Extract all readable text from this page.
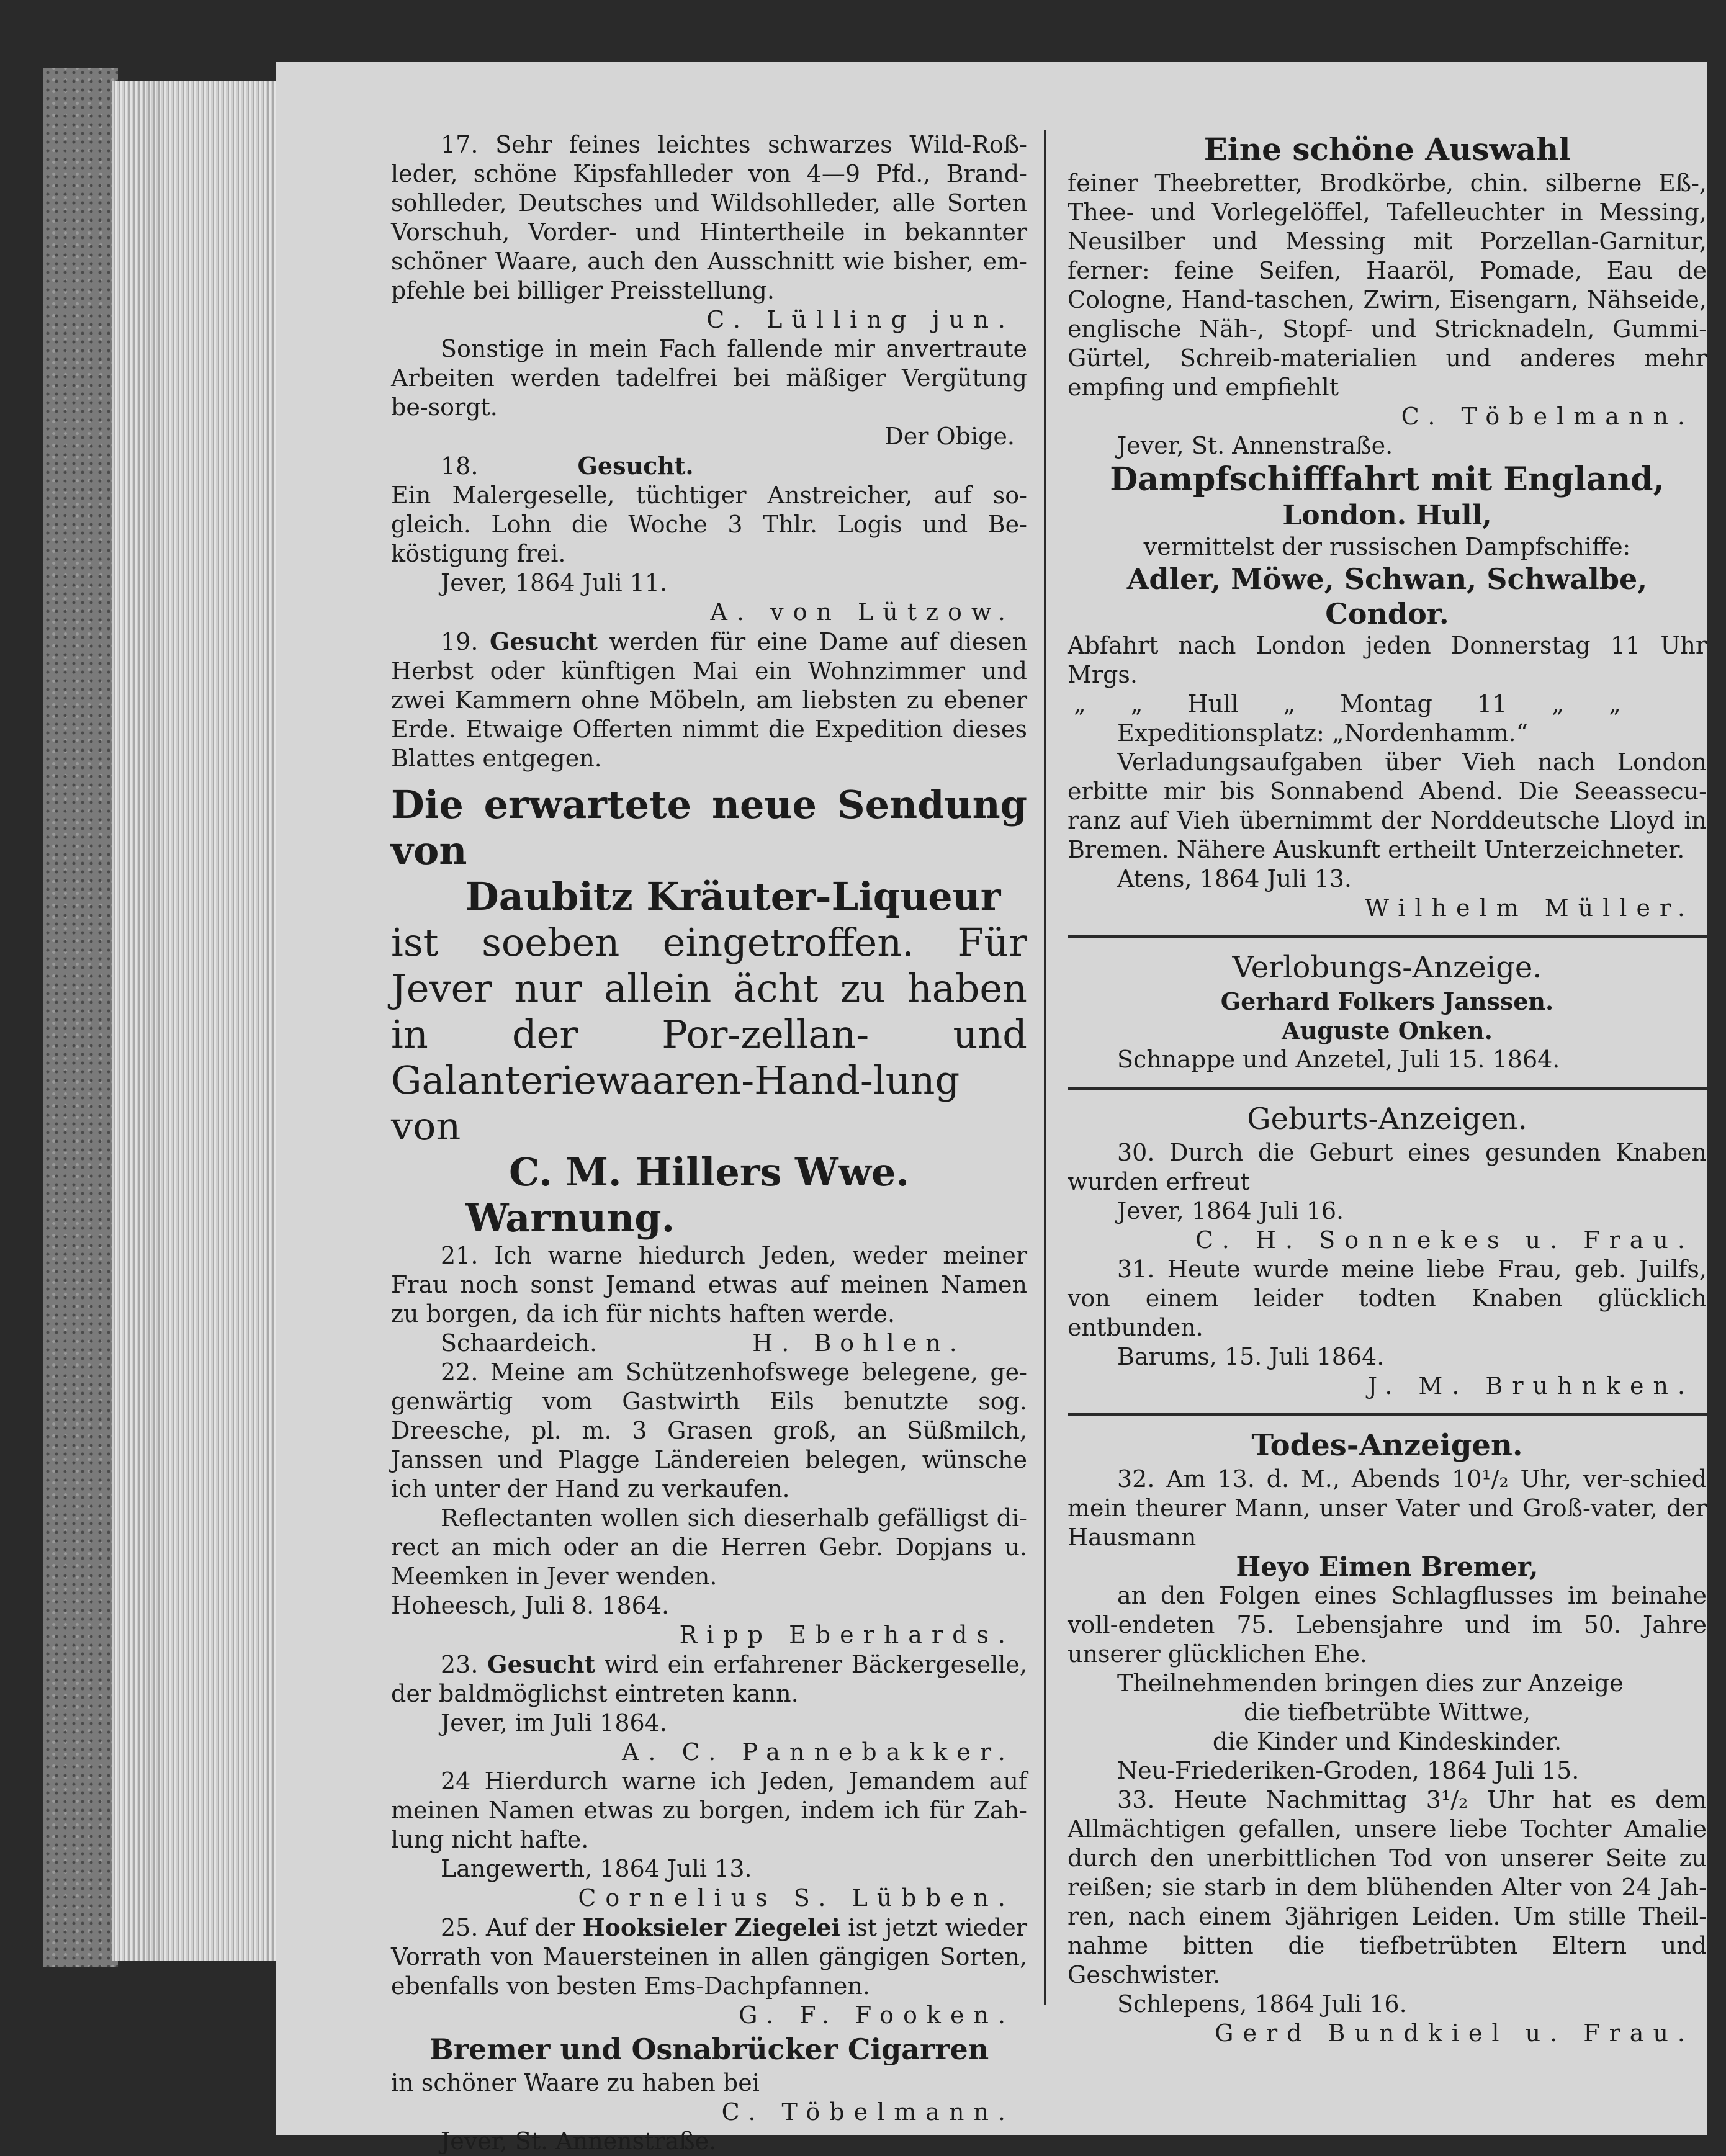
17. Sehr feines leichtes schwarzes Wild-Roß-leder, schöne Kipsfahlleder von 4—9 Pfd., Brand-sohlleder, Deutsches und Wildsohlleder, alle Sorten Vorschuh, Vorder- und Hintertheile in bekannter schöner Waare, auch den Ausschnitt wie bisher, em-pfehle bei billiger Preisstellung.

C. Lülling jun.

Sonstige in mein Fach fallende mir anvertraute Arbeiten werden tadelfrei bei mäßiger Vergütung be-sorgt.

Der Obige.

18.	Gesucht.

Ein Malergeselle, tüchtiger Anstreicher, auf so-gleich. Lohn die Woche 3 Thlr. Logis und Be-köstigung frei.

Jever, 1864 Juli 11.

A. von Lützow.

19. Gesucht werden für eine Dame auf diesen Herbst oder künftigen Mai ein Wohnzimmer und zwei Kammern ohne Möbeln, am liebsten zu ebener Erde. Etwaige Offerten nimmt die Expedition dieses Blattes entgegen.

Die erwartete neue Sendung von

Daubitz Kräuter-Liqueur

ist soeben eingetroffen. Für Jever nur allein ächt zu haben in der Por-zellan- und Galanteriewaaren-Hand-lung von

C. M. Hillers Wwe.

Warnung.

21. Ich warne hiedurch Jeden, weder meiner Frau noch sonst Jemand etwas auf meinen Namen zu borgen, da ich für nichts haften werde.

Schaardeich.	H. Bohlen.

22. Meine am Schützenhofswege belegene, ge-genwärtig vom Gastwirth Eils benutzte sog. Dreesche, pl. m. 3 Grasen groß, an Süßmilch, Janssen und Plagge Ländereien belegen, wünsche ich unter der Hand zu verkaufen.

Reflectanten wollen sich dieserhalb gefälligst di-rect an mich oder an die Herren Gebr. Dopjans u. Meemken in Jever wenden.

Hoheesch, Juli 8. 1864.

Ripp Eberhards.

23. Gesucht wird ein erfahrener Bäckergeselle, der baldmöglichst eintreten kann.

Jever, im Juli 1864.

A. C. Pannebakker.

24 Hierdurch warne ich Jeden, Jemandem auf meinen Namen etwas zu borgen, indem ich für Zah-lung nicht hafte.

Langewerth, 1864 Juli 13.

Cornelius S. Lübben.

25. Auf der Hooksieler Ziegelei ist jetzt wieder Vorrath von Mauersteinen in allen gängigen Sorten, ebenfalls von besten Ems-Dachpfannen.

G. F. Fooken.

Bremer und Osnabrücker Cigarren

in schöner Waare zu haben bei

C. Töbelmann.

Jever, St. Annenstraße.

Eine schöne Auswahl

feiner Theebretter, Brodkörbe, chin. silberne Eß-, Thee- und Vorlegelöffel, Tafelleuchter in Messing, Neusilber und Messing mit Porzellan-Garnitur, ferner: feine Seifen, Haaröl, Pomade, Eau de Cologne, Hand-taschen, Zwirn, Eisengarn, Nähseide, englische Näh-, Stopf- und Stricknadeln, Gummi-Gürtel, Schreib-materialien und anderes mehr empfing und empfiehlt

C. Töbelmann.

Jever, St. Annenstraße.

Dampfschifffahrt mit England,

London. Hull,

vermittelst der russischen Dampfschiffe:

Adler, Möwe, Schwan, Schwalbe,

Condor.

Abfahrt nach London jeden Donnerstag 11 Uhr Mrgs.

„ „ Hull „ Montag 11 „ „

Expeditionsplatz: „Nordenhamm.“

Verladungsaufgaben über Vieh nach London erbitte mir bis Sonnabend Abend. Die Seeassecu-ranz auf Vieh übernimmt der Norddeutsche Lloyd in Bremen. Nähere Auskunft ertheilt Unterzeichneter.

Atens, 1864 Juli 13.

Wilhelm Müller.

Verlobungs-Anzeige.

Gerhard Folkers Janssen.

Auguste Onken.

Schnappe und Anzetel, Juli 15. 1864.

Geburts-Anzeigen.

30. Durch die Geburt eines gesunden Knaben wurden erfreut

Jever, 1864 Juli 16.

C. H. Sonnekes u. Frau.

31. Heute wurde meine liebe Frau, geb. Juilfs, von einem leider todten Knaben glücklich entbunden.

Barums, 15. Juli 1864.

J. M. Bruhnken.

Todes-Anzeigen.

32. Am 13. d. M., Abends 10¹/₂ Uhr, ver-schied mein theurer Mann, unser Vater und Groß-vater, der Hausmann

Heyo Eimen Bremer,

an den Folgen eines Schlagflusses im beinahe voll-endeten 75. Lebensjahre und im 50. Jahre unserer glücklichen Ehe.

Theilnehmenden bringen dies zur Anzeige

die tiefbetrübte Wittwe,

die Kinder und Kindeskinder.

Neu-Friederiken-Groden, 1864 Juli 15.

33. Heute Nachmittag 3¹/₂ Uhr hat es dem Allmächtigen gefallen, unsere liebe Tochter Amalie durch den unerbittlichen Tod von unserer Seite zu reißen; sie starb in dem blühenden Alter von 24 Jah-ren, nach einem 3jährigen Leiden. Um stille Theil-nahme bitten die tiefbetrübten Eltern und Geschwister.

Schlepens, 1864 Juli 16.

Gerd Bundkiel u. Frau.
